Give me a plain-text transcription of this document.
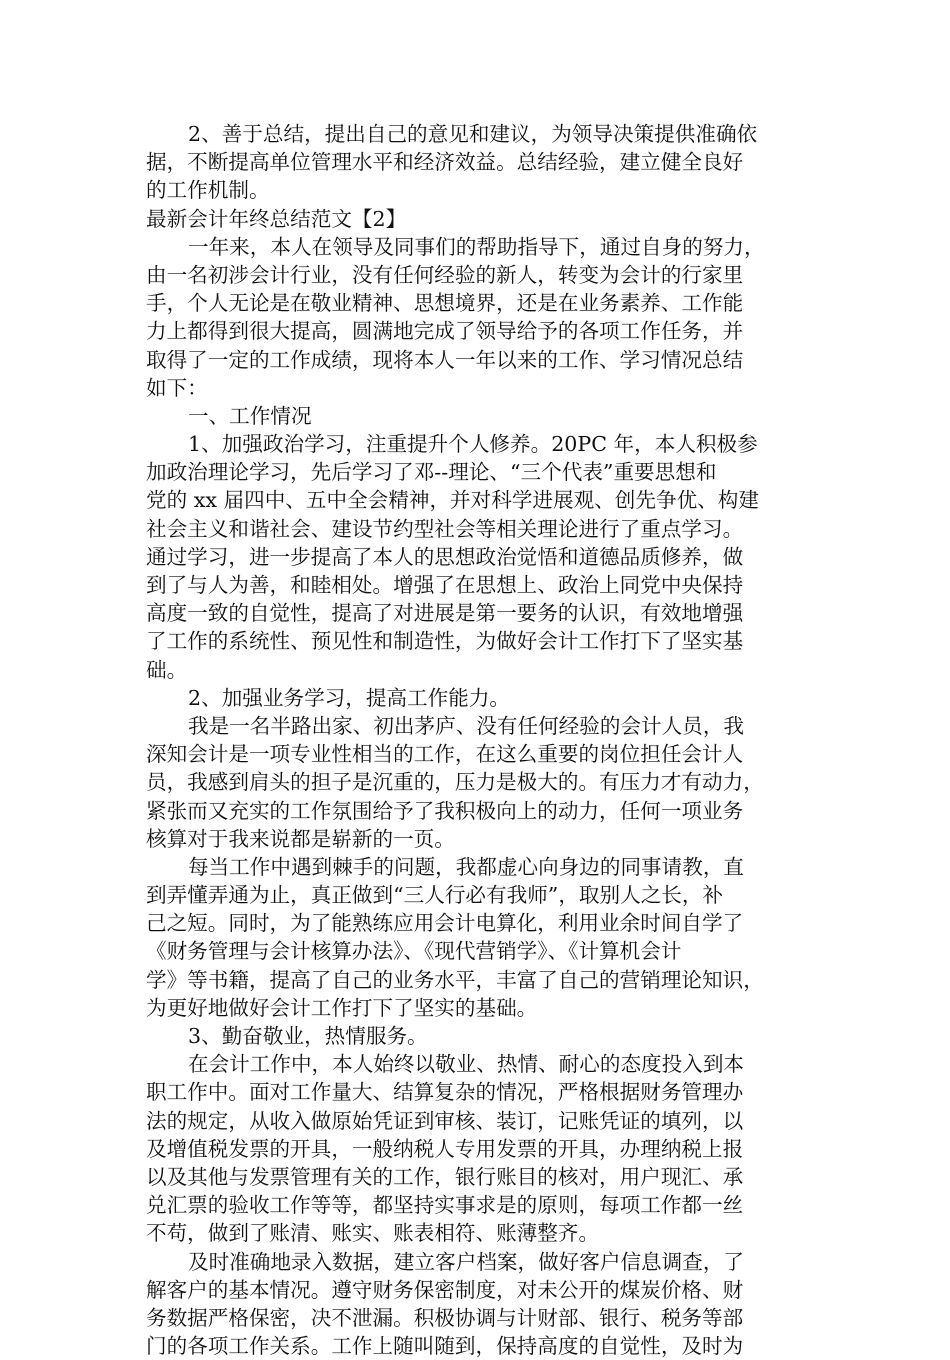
2、善于总结，提出自己的意见和建议，为领导决策提供准确依
据，不断提高单位管理水平和经济效益。总结经验，建立健全良好
的工作机制。
最新会计年终总结范文【2】
一年来，本人在领导及同事们的帮助指导下，通过自身的努力，
由一名初涉会计行业，没有任何经验的新人，转变为会计的行家里
手，个人无论是在敬业精神、思想境界，还是在业务素养、工作能
力上都得到很大提高，圆满地完成了领导给予的各项工作任务，并
取得了一定的工作成绩，现将本人一年以来的工作、学习情况总结
如下：
一、工作情况
1、加强政治学习，注重提升个人修养。20PC 年，本人积极参
加政治理论学习，先后学习了邓--理论、“三个代表”重要思想和
党的 xx 届四中、五中全会精神，并对科学进展观、创先争优、构建
社会主义和谐社会、建设节约型社会等相关理论进行了重点学习。
通过学习，进一步提高了本人的思想政治觉悟和道德品质修养，做
到了与人为善，和睦相处。增强了在思想上、政治上同党中央保持
高度一致的自觉性，提高了对进展是第一要务的认识，有效地增强
了工作的系统性、预见性和制造性，为做好会计工作打下了坚实基
础。
2、加强业务学习，提高工作能力。
我是一名半路出家、初出茅庐、没有任何经验的会计人员，我
深知会计是一项专业性相当的工作，在这么重要的岗位担任会计人
员，我感到肩头的担子是沉重的，压力是极大的。有压力才有动力，
紧张而又充实的工作氛围给予了我积极向上的动力，任何一项业务
核算对于我来说都是崭新的一页。
每当工作中遇到棘手的问题，我都虚心向身边的同事请教，直
到弄懂弄通为止，真正做到“三人行必有我师”，取别人之长，补
己之短。同时，为了能熟练应用会计电算化，利用业余时间自学了
《财务管理与会计核算办法》、《现代营销学》、《计算机会计
学》等书籍，提高了自己的业务水平，丰富了自己的营销理论知识，
为更好地做好会计工作打下了坚实的基础。
3、勤奋敬业，热情服务。
在会计工作中，本人始终以敬业、热情、耐心的态度投入到本
职工作中。面对工作量大、结算复杂的情况，严格根据财务管理办
法的规定，从收入做原始凭证到审核、装订，记账凭证的填列，以
及增值税发票的开具，一般纳税人专用发票的开具，办理纳税上报
以及其他与发票管理有关的工作，银行账目的核对，用户现汇、承
兑汇票的验收工作等等，都坚持实事求是的原则，每项工作都一丝
不苟，做到了账清、账实、账表相符、账薄整齐。
及时准确地录入数据，建立客户档案，做好客户信息调查，了
解客户的基本情况。遵守财务保密制度，对未公开的煤炭价格、财
务数据严格保密，决不泄漏。积极协调与计财部、银行、税务等部
门的各项工作关系。工作上随叫随到，保持高度的自觉性，及时为
